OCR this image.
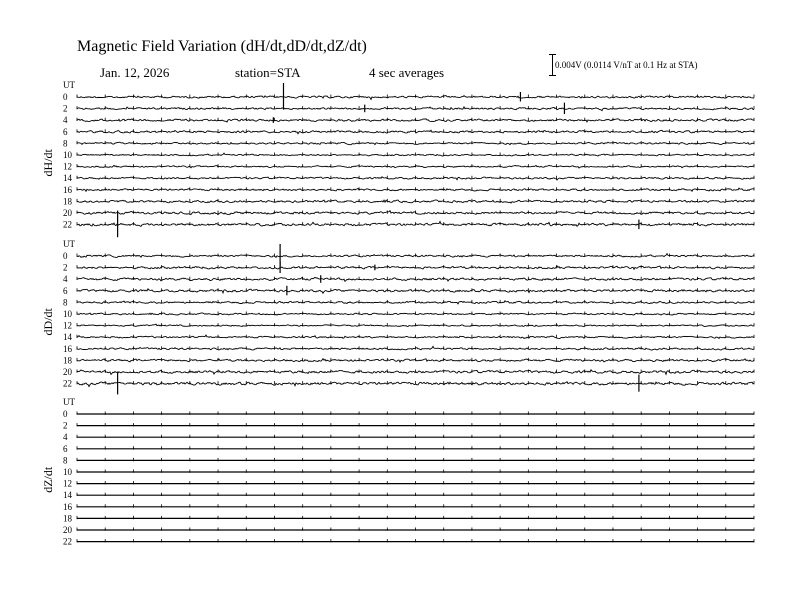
Magnetic Field Variation (dH/dt,dD/dt,dZ/dt)
Jan. 12, 2026	station=STA	4 sec averages	0.004V (0.0114 V/nT at 0.1 Hz at STA)
UT
dH/dt
0
2
4
6
8
10
12
14
16
18
20
22
UT
dD/dt
0
2
4
6
8
10
12
14
16
18
20
22
UT
dZ/dt
0
2
4
6
8
10
12
14
16
18
20
22
